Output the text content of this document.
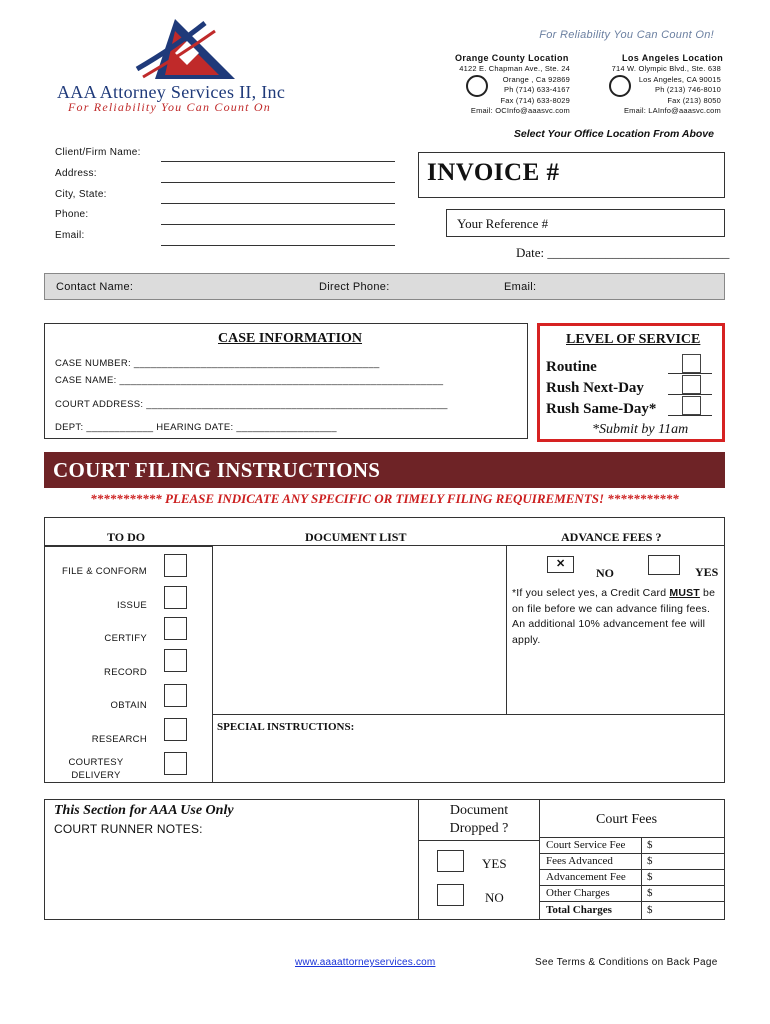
For Reliability You Can Count On!
AAA Attorney Services II, Inc
For Reliability You Can Count On
Orange County Location
4122 E. Chapman Ave., Ste. 24
Orange , Ca 92869
Ph (714) 633-4167
Fax (714) 633-8029
Email: OCInfo@aaasvc.com
Los Angeles Location
714 W. Olympic Blvd., Ste. 638
Los Angeles, CA 90015
Ph (213) 746-8010
Fax (213) 8050
Email: LAInfo@aaasvc.com
Select Your Office Location From Above
Client/Firm Name:
Address:
City, State:
Phone:
Email:
INVOICE #
Your Reference #
Date: ____________________________
Contact Name:	Direct Phone:	Email:
CASE INFORMATION
CASE NUMBER: ____________________________________________
CASE NAME: __________________________________________________________
COURT ADDRESS: ______________________________________________________
DEPT: ____________ HEARING DATE: __________________
LEVEL OF SERVICE
Routine
Rush Next-Day
Rush Same-Day*
*Submit by 11am
COURT FILING INSTRUCTIONS
*********** PLEASE INDICATE ANY SPECIFIC OR TIMELY FILING REQUIREMENTS! ***********
TO DO	DOCUMENT LIST	ADVANCE FEES ?
FILE & CONFORM
ISSUE
CERTIFY
RECORD
OBTAIN
RESEARCH
COURTESY
DELIVERY
✕
NO	YES
SPECIAL INSTRUCTIONS:
*If you select yes, a Credit Card MUST be on file before we can advance filing fees. An additional 10% advancement fee will apply.
This Section for AAA Use Only
COURT RUNNER NOTES:
Document
Dropped ?
YES
NO
Court Fees
Court Service Fee $
Fees Advanced	$
Advancement Fee $
Other Charges	$
Total Charges	$
www.aaaattorneyservices.com	See Terms & Conditions on Back Page
